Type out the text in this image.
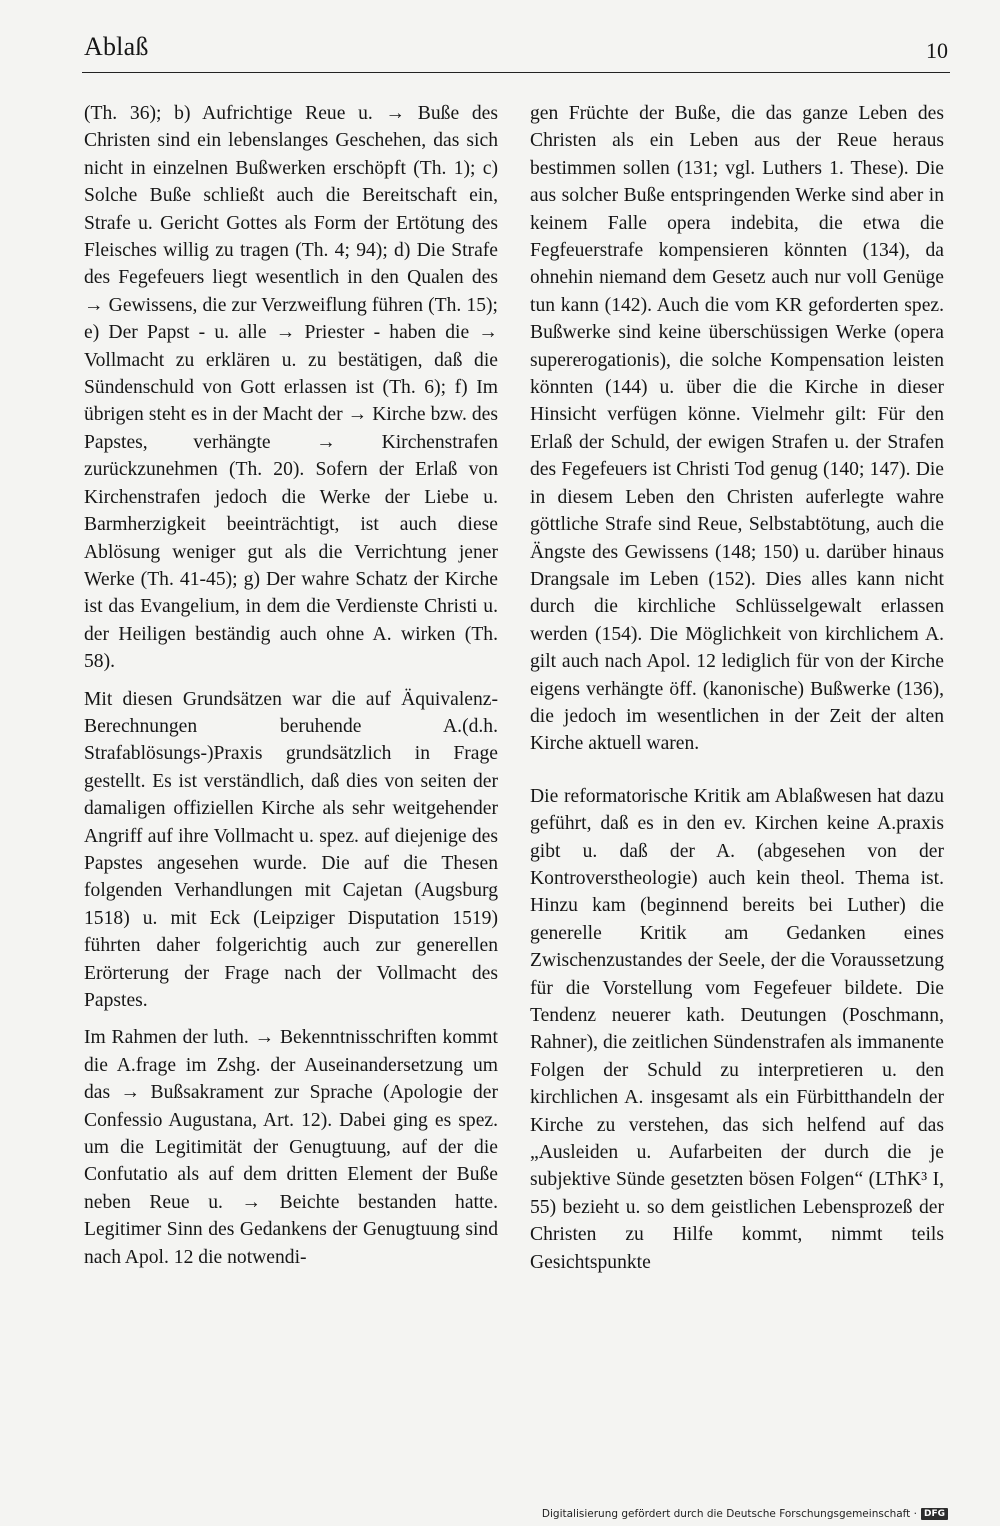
Ablaß	10

(Th. 36); b) Aufrichtige Reue u. → Buße des Christen sind ein lebenslanges Geschehen, das sich nicht in einzelnen Bußwerken erschöpft (Th. 1); c) Solche Buße schließt auch die Bereitschaft ein, Strafe u. Gericht Gottes als Form der Ertötung des Fleisches willig zu tragen (Th. 4; 94); d) Die Strafe des Fegefeuers liegt wesentlich in den Qualen des → Gewissens, die zur Verzweiflung führen (Th. 15); e) Der Papst - u. alle → Priester - haben die → Vollmacht zu erklären u. zu bestätigen, daß die Sündenschuld von Gott erlassen ist (Th. 6); f) Im übrigen steht es in der Macht der → Kirche bzw. des Papstes, verhängte → Kirchenstrafen zurückzunehmen (Th. 20). Sofern der Erlaß von Kirchenstrafen jedoch die Werke der Liebe u. Barmherzigkeit beeinträchtigt, ist auch diese Ablösung weniger gut als die Verrichtung jener Werke (Th. 41-45); g) Der wahre Schatz der Kirche ist das Evangelium, in dem die Verdienste Christi u. der Heiligen beständig auch ohne A. wirken (Th. 58).

Mit diesen Grundsätzen war die auf Äquivalenz-Berechnungen beruhende A.(d.h. Strafablösungs-)Praxis grundsätzlich in Frage gestellt. Es ist verständlich, daß dies von seiten der damaligen offiziellen Kirche als sehr weitgehender Angriff auf ihre Vollmacht u. spez. auf diejenige des Papstes angesehen wurde. Die auf die Thesen folgenden Verhandlungen mit Cajetan (Augsburg 1518) u. mit Eck (Leipziger Disputation 1519) führten daher folgerichtig auch zur generellen Erörterung der Frage nach der Vollmacht des Papstes.

Im Rahmen der luth. → Bekenntnisschriften kommt die A.frage im Zshg. der Auseinandersetzung um das → Bußsakrament zur Sprache (Apologie der Confessio Augustana, Art. 12). Dabei ging es spez. um die Legitimität der Genugtuung, auf der die Confutatio als auf dem dritten Element der Buße neben Reue u. → Beichte bestanden hatte. Legitimer Sinn des Gedankens der Genugtuung sind nach Apol. 12 die notwendi-

gen Früchte der Buße, die das ganze Leben des Christen als ein Leben aus der Reue heraus bestimmen sollen (131; vgl. Luthers 1. These). Die aus solcher Buße entspringenden Werke sind aber in keinem Falle opera indebita, die etwa die Fegfeuerstrafe kompensieren könnten (134), da ohnehin niemand dem Gesetz auch nur voll Genüge tun kann (142). Auch die vom KR geforderten spez. Bußwerke sind keine überschüssigen Werke (opera supererogationis), die solche Kompensation leisten könnten (144) u. über die die Kirche in dieser Hinsicht verfügen könne. Vielmehr gilt: Für den Erlaß der Schuld, der ewigen Strafen u. der Strafen des Fegefeuers ist Christi Tod genug (140; 147). Die in diesem Leben den Christen auferlegte wahre göttliche Strafe sind Reue, Selbstabtötung, auch die Ängste des Gewissens (148; 150) u. darüber hinaus Drangsale im Leben (152). Dies alles kann nicht durch die kirchliche Schlüsselgewalt erlassen werden (154). Die Möglichkeit von kirchlichem A. gilt auch nach Apol. 12 lediglich für von der Kirche eigens verhängte öff. (kanonische) Bußwerke (136), die jedoch im wesentlichen in der Zeit der alten Kirche aktuell waren.

Die reformatorische Kritik am Ablaßwesen hat dazu geführt, daß es in den ev. Kirchen keine A.praxis gibt u. daß der A. (abgesehen von der Kontroverstheologie) auch kein theol. Thema ist. Hinzu kam (beginnend bereits bei Luther) die generelle Kritik am Gedanken eines Zwischenzustandes der Seele, der die Voraussetzung für die Vorstellung vom Fegefeuer bildete. Die Tendenz neuerer kath. Deutungen (Poschmann, Rahner), die zeitlichen Sündenstrafen als immanente Folgen der Schuld zu interpretieren u. den kirchlichen A. insgesamt als ein Fürbitthandeln der Kirche zu verstehen, das sich helfend auf das „Ausleiden u. Aufarbeiten der durch die je subjektive Sünde gesetzten bösen Folgen“ (LThK³ I, 55) bezieht u. so dem geistlichen Lebensprozeß der Christen zu Hilfe kommt, nimmt teils Gesichtspunkte

Digitalisierung gefördert durch die Deutsche Forschungsgemeinschaft · DFG
